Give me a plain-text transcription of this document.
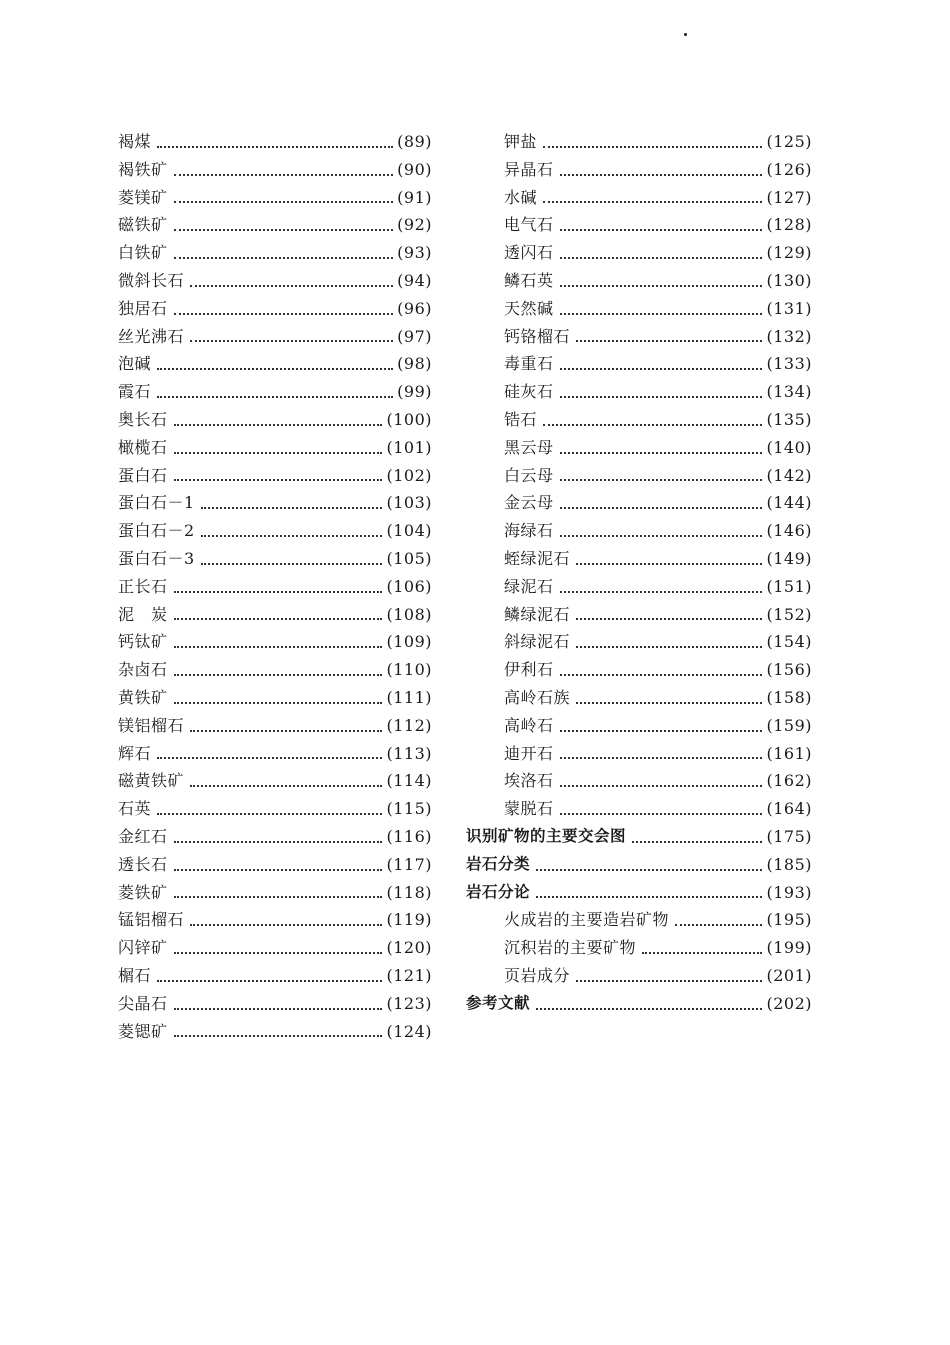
褐煤	(89)
褐铁矿	(90)
菱镁矿	(91)
磁铁矿	(92)
白铁矿	(93)
微斜长石	(94)
独居石	(96)
丝光沸石	(97)
泡碱	(98)
霞石	(99)
奥长石	(100)
橄榄石	(101)
蛋白石	(102)
蛋白石－1	(103)
蛋白石－2	(104)
蛋白石－3	(105)
正长石	(106)
泥　炭	(108)
钙钛矿	(109)
杂卤石	(110)
黄铁矿	(111)
镁铝榴石	(112)
辉石	(113)
磁黄铁矿	(114)
石英	(115)
金红石	(116)
透长石	(117)
菱铁矿	(118)
锰铝榴石	(119)
闪锌矿	(120)
榍石	(121)
尖晶石	(123)
菱锶矿	(124)
钾盐	(125)
异晶石	(126)
水碱	(127)
电气石	(128)
透闪石	(129)
鳞石英	(130)
天然碱	(131)
钙铬榴石	(132)
毒重石	(133)
硅灰石	(134)
锆石	(135)
黑云母	(140)
白云母	(142)
金云母	(144)
海绿石	(146)
蛭绿泥石	(149)
绿泥石	(151)
鳞绿泥石	(152)
斜绿泥石	(154)
伊利石	(156)
高岭石族	(158)
高岭石	(159)
迪开石	(161)
埃洛石	(162)
蒙脱石	(164)
识别矿物的主要交会图	(175)
岩石分类	(185)
岩石分论	(193)
火成岩的主要造岩矿物	(195)
沉积岩的主要矿物	(199)
页岩成分	(201)
参考文献	(202)
